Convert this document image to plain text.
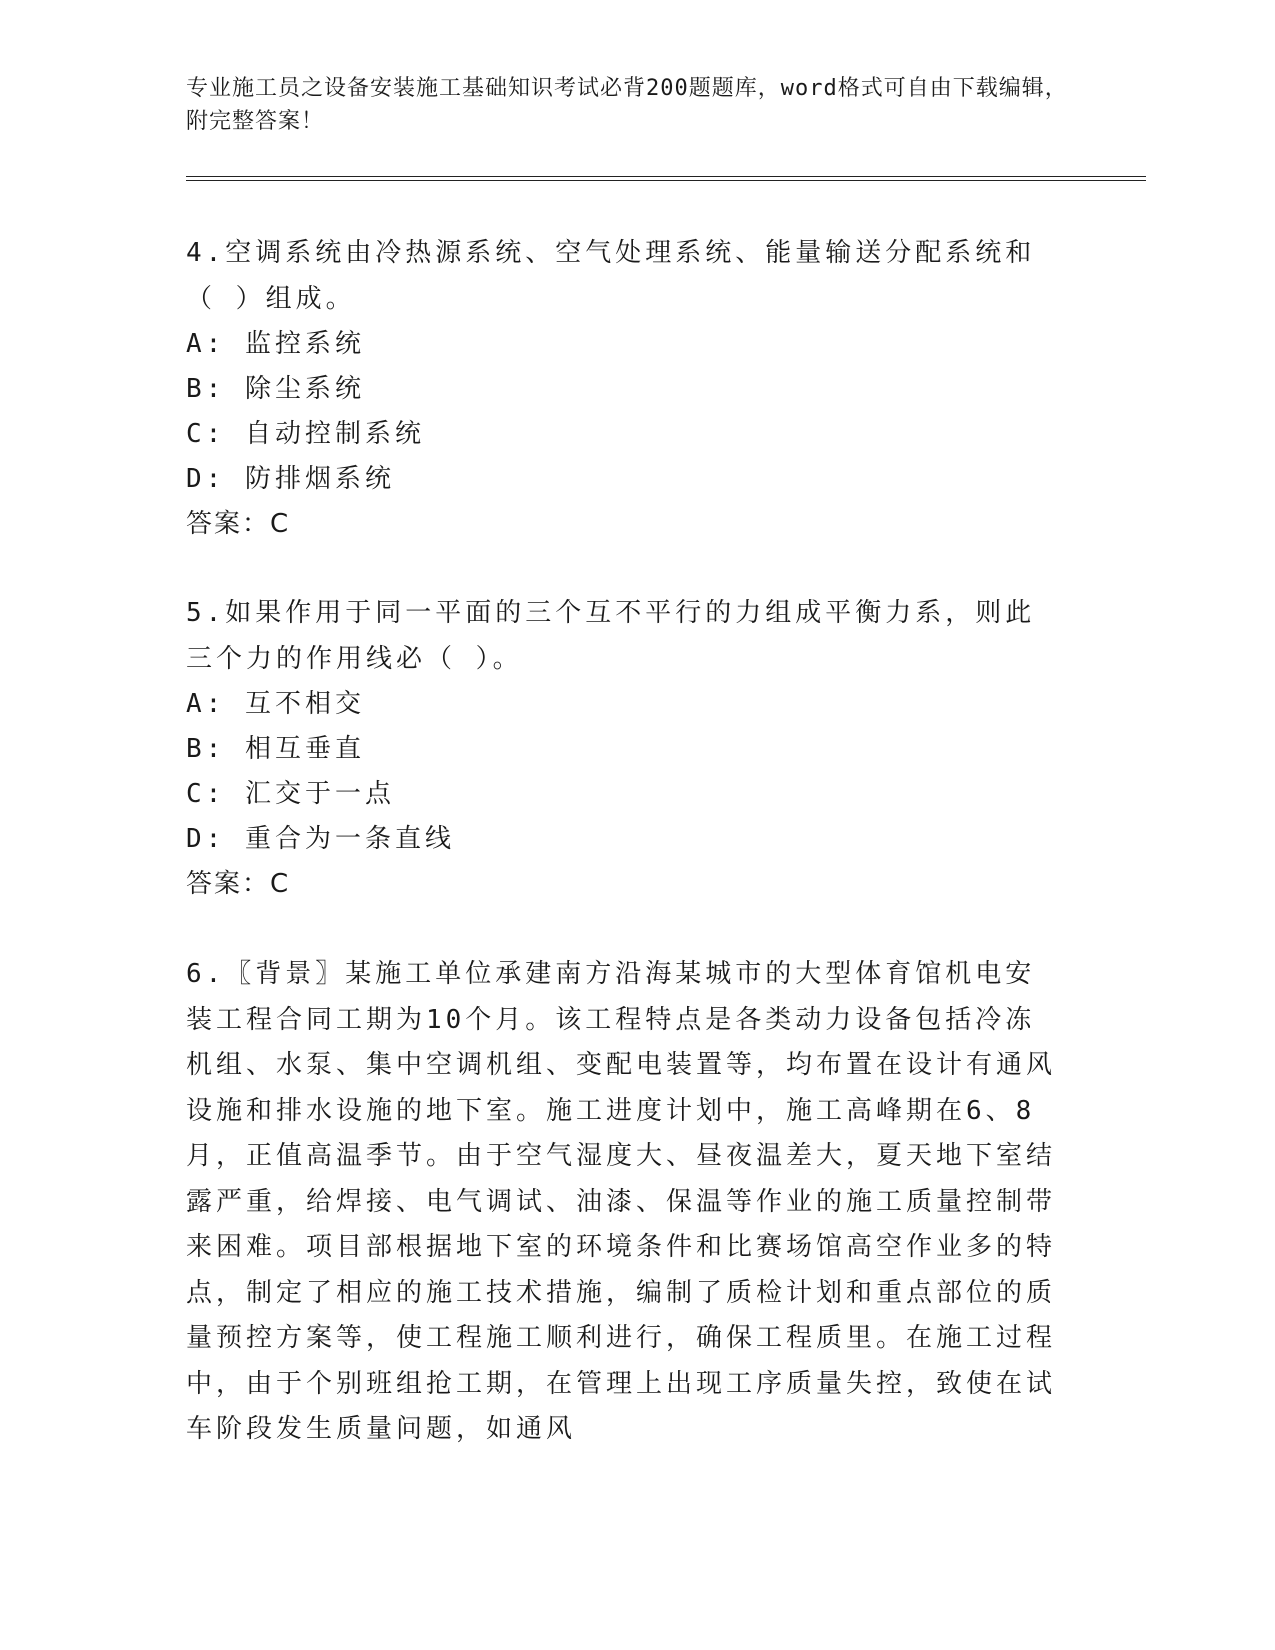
专业施工员之设备安装施工基础知识考试必背200题题库，word格式可自由下载编辑，附完整答案！
4.空调系统由冷热源系统、空气处理系统、能量输送分配系统和（ ）组成。
A: 监控系统
B: 除尘系统
C: 自动控制系统
D: 防排烟系统
答案：C
5.如果作用于同一平面的三个互不平行的力组成平衡力系，则此三个力的作用线必（ ）。
A: 互不相交
B: 相互垂直
C: 汇交于一点
D: 重合为一条直线
答案：C
6.〖背景〗某施工单位承建南方沿海某城市的大型体育馆机电安装工程合同工期为10个月。该工程特点是各类动力设备包括冷冻机组、水泵、集中空调机组、变配电装置等，均布置在设计有通风设施和排水设施的地下室。施工进度计划中，施工高峰期在6、8月，正值高温季节。由于空气湿度大、昼夜温差大，夏天地下室结露严重，给焊接、电气调试、油漆、保温等作业的施工质量控制带来困难。项目部根据地下室的环境条件和比赛场馆高空作业多的特点，制定了相应的施工技术措施，编制了质检计划和重点部位的质量预控方案等，使工程施工顺利进行，确保工程质里。在施工过程中，由于个别班组抢工期，在管理上出现工序质量失控，致使在试车阶段发生质量问题，如通风
